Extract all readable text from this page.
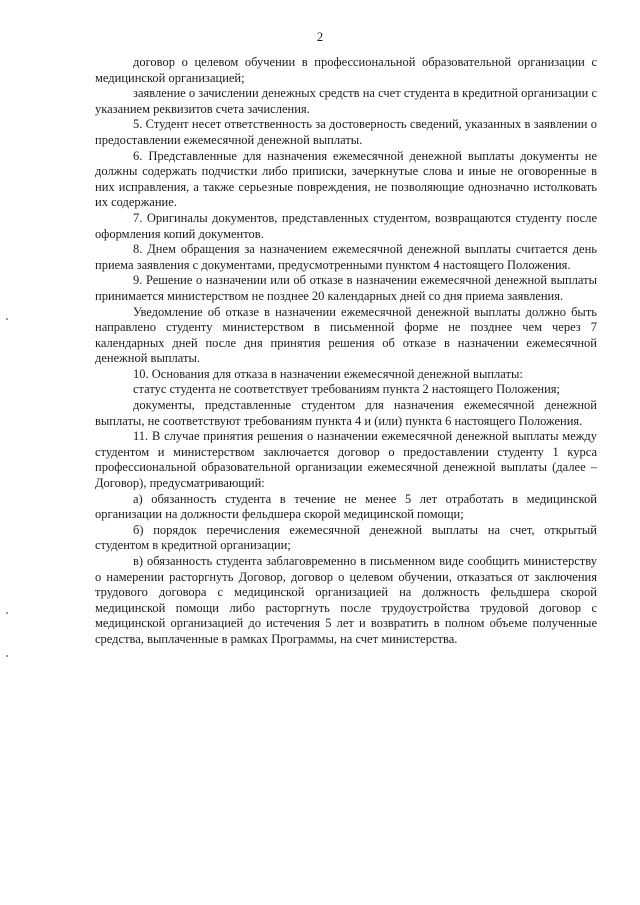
2

договор о целевом обучении в профессиональной образовательной организации с медицинской организацией;

заявление о зачислении денежных средств на счет студента в кредитной организации с указанием реквизитов счета зачисления.

5. Студент несет ответственность за достоверность сведений, указанных в заявлении о предоставлении ежемесячной денежной выплаты.

6. Представленные для назначения ежемесячной денежной выплаты документы не должны содержать подчистки либо приписки, зачеркнутые слова и иные не оговоренные в них исправления, а также серьезные повреждения, не позволяющие однозначно истолковать их содержание.

7. Оригиналы документов, представленных студентом, возвращаются студенту после оформления копий документов.

8. Днем обращения за назначением ежемесячной денежной выплаты считается день приема заявления с документами, предусмотренными пунктом 4 настоящего Положения.

9. Решение о назначении или об отказе в назначении ежемесячной денежной выплаты принимается министерством не позднее 20 календарных дней со дня приема заявления.

Уведомление об отказе в назначении ежемесячной денежной выплаты должно быть направлено студенту министерством в письменной форме не позднее чем через 7 календарных дней после дня принятия решения об отказе в назначении ежемесячной денежной выплаты.

10. Основания для отказа в назначении ежемесячной денежной выплаты:

статус студента не соответствует требованиям пункта 2 настоящего Положения;

документы, представленные студентом для назначения ежемесячной денежной выплаты, не соответствуют требованиям пункта 4 и (или) пункта 6 настоящего Положения.

11. В случае принятия решения о назначении ежемесячной денежной выплаты между студентом и министерством заключается договор о предоставлении студенту 1 курса профессиональной образовательной организации ежемесячной денежной выплаты (далее – Договор), предусматривающий:

а) обязанность студента в течение не менее 5 лет отработать в медицинской организации на должности фельдшера скорой медицинской помощи;

б) порядок перечисления ежемесячной денежной выплаты на счет, открытый студентом в кредитной организации;

в) обязанность студента заблаговременно в письменном виде сообщить министерству о намерении расторгнуть Договор, договор о целевом обучении, отказаться от заключения трудового договора с медицинской организацией на должность фельдшера скорой медицинской помощи либо расторгнуть после трудоустройства трудовой договор с медицинской организацией до истечения 5 лет и возвратить в полном объеме полученные средства, выплаченные в рамках Программы, на счет министерства.
